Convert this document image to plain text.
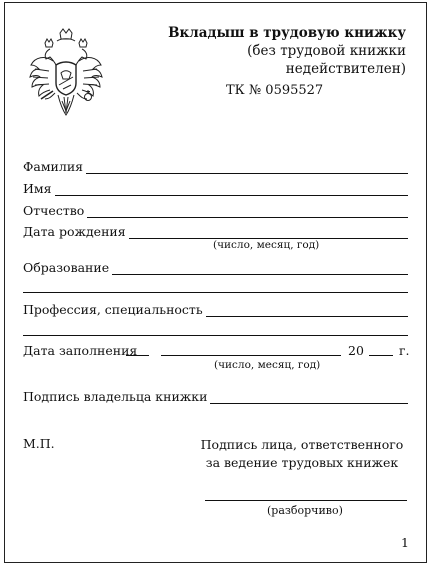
Вкладыш в трудовую книжку
(без трудовой книжки
недействителен)
ТК № 0595527
Фамилия
Имя
Отчество
Дата рождения
(число, месяц, год)
Образование
Профессия, специальность
Дата заполнения	20	г.
(число, месяц, год)
Подпись владельца книжки
М.П.	Подпись лица, ответственного
за ведение трудовых книжек
(разборчиво)
1
